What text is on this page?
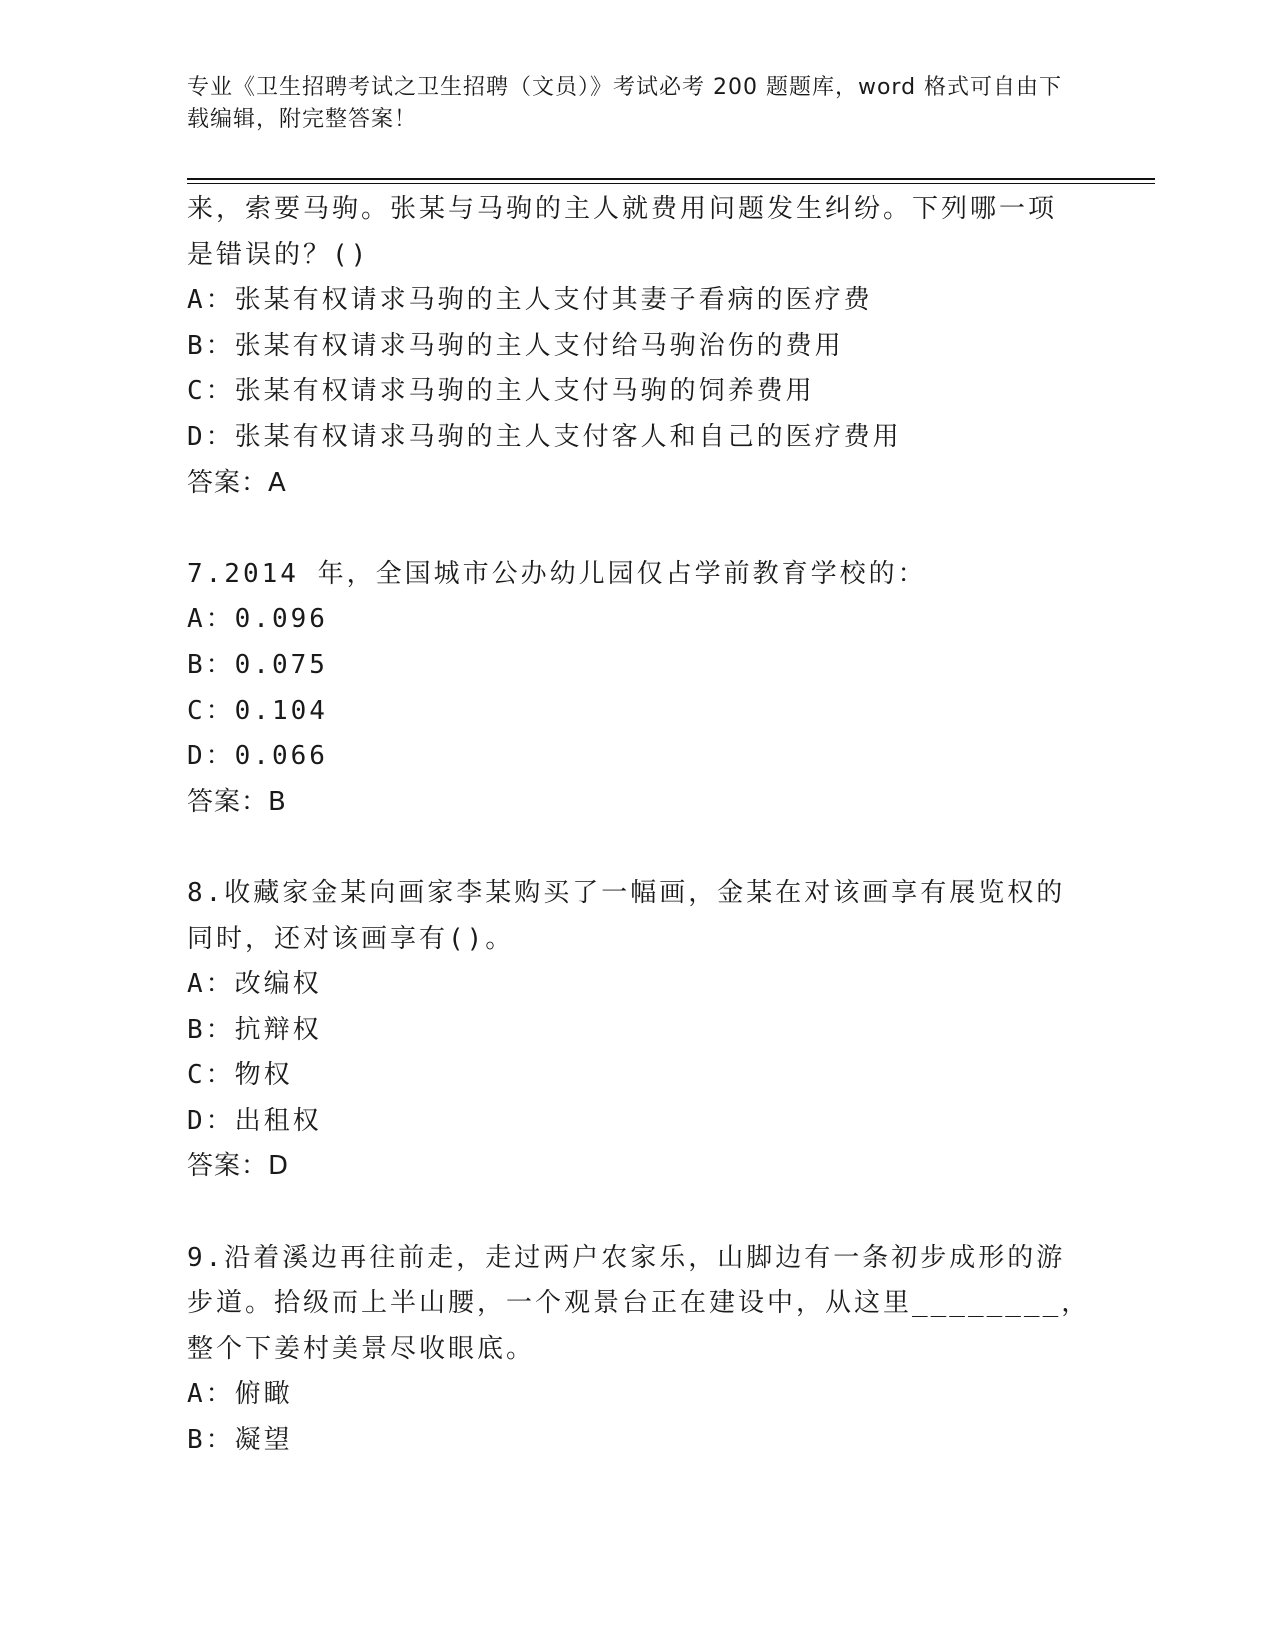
专业《卫生招聘考试之卫生招聘（文员）》考试必考 200 题题库，word 格式可自由下载编辑，附完整答案！
来，索要马驹。张某与马驹的主人就费用问题发生纠纷。下列哪一项
是错误的？()
A：张某有权请求马驹的主人支付其妻子看病的医疗费
B：张某有权请求马驹的主人支付给马驹治伤的费用
C：张某有权请求马驹的主人支付马驹的饲养费用
D：张某有权请求马驹的主人支付客人和自己的医疗费用
答案：A
7.2014 年，全国城市公办幼儿园仅占学前教育学校的：
A：0.096
B：0.075
C：0.104
D：0.066
答案：B
8.收藏家金某向画家李某购买了一幅画，金某在对该画享有展览权的
同时，还对该画享有()。
A：改编权
B：抗辩权
C：物权
D：出租权
答案：D
9.沿着溪边再往前走，走过两户农家乐，山脚边有一条初步成形的游
步道。拾级而上半山腰，一个观景台正在建设中，从这里________，
整个下姜村美景尽收眼底。
A：俯瞰
B：凝望
